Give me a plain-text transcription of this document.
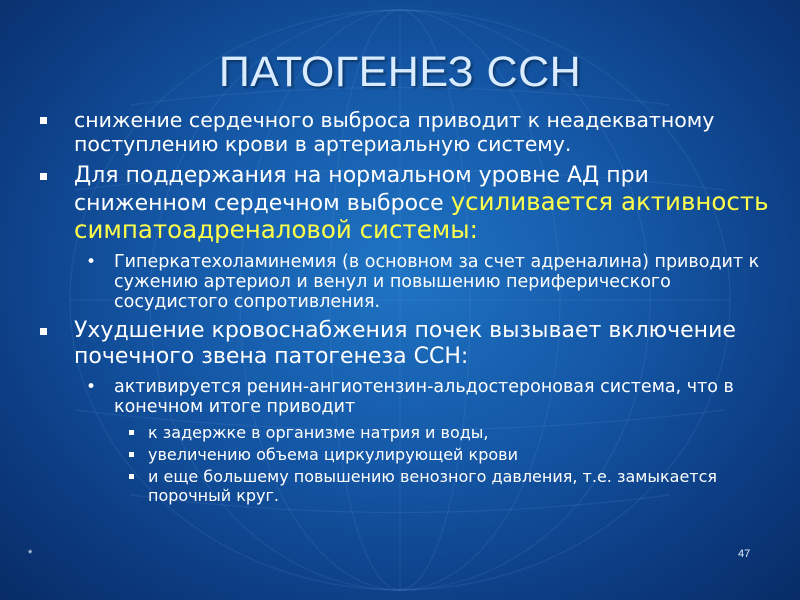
ПАТОГЕНЕЗ ССН
снижение сердечного выброса приводит к неадекватному поступлению крови в артериальную систему.
Для поддержания на нормальном уровне АД при сниженном сердечном выбросе усиливается активность симпатоадреналовой системы:
• Гиперкатехоламинемия (в основном за счет адреналина) приводит к сужению артериол и венул и повышению периферического сосудистого сопротивления.
Ухудшение кровоснабжения почек вызывает включение почечного звена патогенеза ССН:
• активируется ренин-ангиотензин-альдостероновая система, что в конечном итоге приводит
к задержке в организме натрия и воды,
увеличению объема циркулирующей крови
и еще большему повышению венозного давления, т.е. замыкается порочный круг.
*	47
